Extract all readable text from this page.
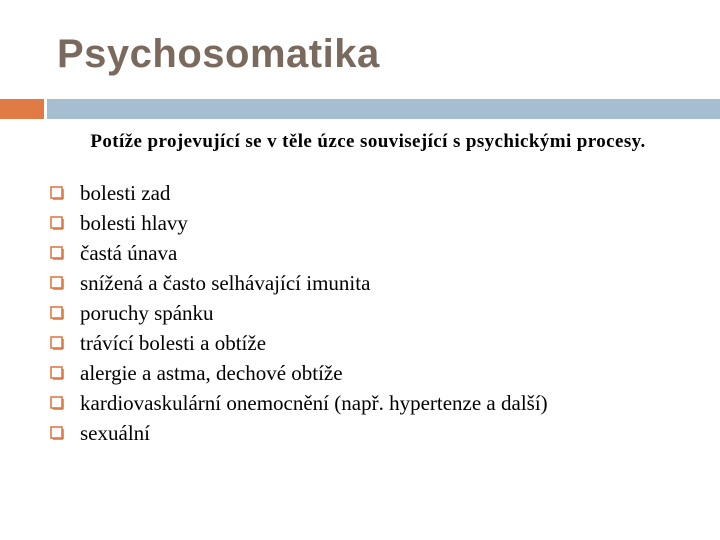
Psychosomatika
Potíže projevující se v těle úzce související s psychickými procesy.
bolesti zad
bolesti hlavy
častá únava
snížená a často selhávající imunita
poruchy spánku
trávící bolesti a obtíže
alergie a astma, dechové obtíže
kardiovaskulární onemocnění (např. hypertenze a další)
sexuální
